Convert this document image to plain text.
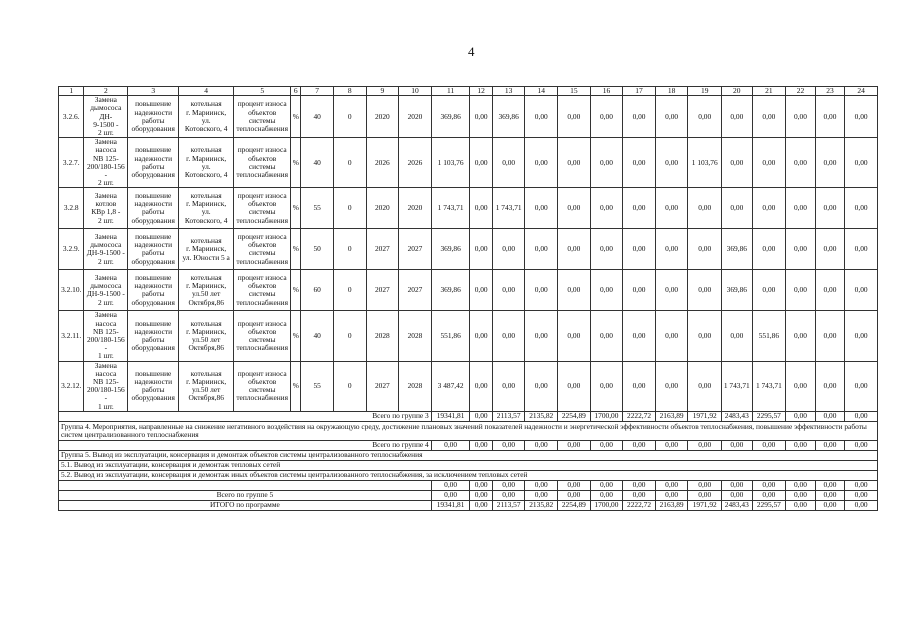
4
1	2	3	4	5	6	7	8	9	10	11	12	13	14	15	16	17	18	19	20	21	22	23	24
3.2.6.	Замена
дымососа ДН-
9-1500 -
2 шт.	повышение
надежности
работы
оборудования	котельная
г. Мариинск,
ул.
Котовского, 4	процент износа
объектов
системы
теплоснабжения	%	40	0	2020	2020	369,86	0,00	369,86	0,00	0,00	0,00	0,00	0,00	0,00	0,00	0,00	0,00	0,00	0,00
3.2.7.	Замена насоса
NB 125-
200/180-156 -
2 шт.	повышение
надежности
работы
оборудования	котельная
г. Мариинск,
ул.
Котовского, 4	процент износа
объектов
системы
теплоснабжения	%	40	0	2026	2026	1 103,76	0,00	0,00	0,00	0,00	0,00	0,00	0,00	1 103,76	0,00	0,00	0,00	0,00	0,00
3.2.8	Замена котлов
КВр 1,8 -
2 шт.	повышение
надежности
работы
оборудования	котельная
г. Мариинск,
ул.
Котовского, 4	процент износа
объектов
системы
теплоснабжения	%	55	0	2020	2020	1 743,71	0,00	1 743,71	0,00	0,00	0,00	0,00	0,00	0,00	0,00	0,00	0,00	0,00	0,00
3.2.9.	Замена
дымососа
ДН-9-1500 -
2 шт.	повышение
надежности
работы
оборудования	котельная
г. Мариинск,
ул. Юности 5 а	процент износа
объектов
системы
теплоснабжения	%	50	0	2027	2027	369,86	0,00	0,00	0,00	0,00	0,00	0,00	0,00	0,00	369,86	0,00	0,00	0,00	0,00
3.2.10.	Замена
дымососа
ДН-9-1500 -
2 шт.	повышение
надежности
работы
оборудования	котельная
г. Мариинск,
ул.50 лет
Октября,86	процент износа
объектов
системы
теплоснабжения	%	60	0	2027	2027	369,86	0,00	0,00	0,00	0,00	0,00	0,00	0,00	0,00	369,86	0,00	0,00	0,00	0,00
3.2.11.	Замена насоса
NB 125-
200/180-156 -
1 шт.	повышение
надежности
работы
оборудования	котельная
г. Мариинск,
ул.50 лет
Октября,86	процент износа
объектов
системы
теплоснабжения	%	40	0	2028	2028	551,86	0,00	0,00	0,00	0,00	0,00	0,00	0,00	0,00	0,00	551,86	0,00	0,00	0,00
3.2.12.	Замена насоса
NB 125-
200/180-156 -
1 шт.	повышение
надежности
работы
оборудования	котельная
г. Мариинск,
ул.50 лет
Октября,86	процент износа
объектов
системы
теплоснабжения	%	55	0	2027	2028	3 487,42	0,00	0,00	0,00	0,00	0,00	0,00	0,00	0,00	1 743,71	1 743,71	0,00	0,00	0,00
Всего по группе 3										19341,81	0,00	2113,57	2135,82	2254,89	1700,00	2222,72	2163,89	1971,92	2483,43	2295,57	0,00	0,00	0,00
Группа 4. Мероприятия, направленные на снижение негативного воздействия на окружающую среду, достижение плановых значений показателей надежности и энергетической эффективности объектов теплоснабжения, повышение эффективности работы систем централизованного теплоснабжения																							
Всего по группе 4										0,00	0,00	0,00	0,00	0,00	0,00	0,00	0,00	0,00	0,00	0,00	0,00	0,00	0,00
Группа 5. Вывод из эксплуатации, консервация и демонтаж объектов системы централизованного теплоснабжения																							
5.1. Вывод из эксплуатации, консервация и демонтаж тепловых сетей																							
5.2. Вывод из эксплуатации, консервация и демонтаж иных объектов системы централизованного теплоснабжения, за исключением тепловых сетей																							
										0,00	0,00	0,00	0,00	0,00	0,00	0,00	0,00	0,00	0,00	0,00	0,00	0,00	0,00
Всего по группе 5										0,00	0,00	0,00	0,00	0,00	0,00	0,00	0,00	0,00	0,00	0,00	0,00	0,00	0,00
ИТОГО по программе										19341,81	0,00	2113,57	2135,82	2254,89	1700,00	2222,72	2163,89	1971,92	2483,43	2295,57	0,00	0,00	0,00
